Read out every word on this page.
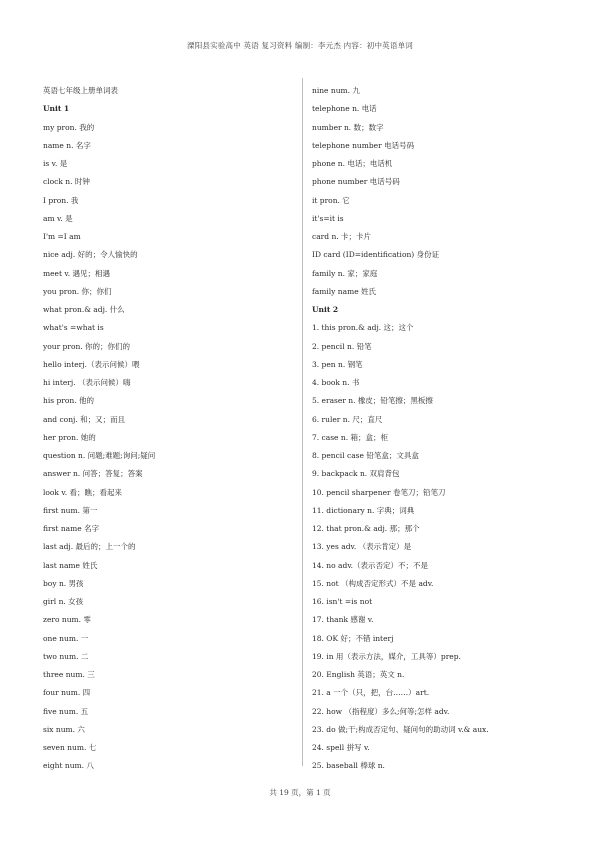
溧阳县实验高中 英语 复习资料 编制：李元杰 内容：初中英语单词
英语七年级上册单词表
Unit 1
my pron. 我的
name n. 名字
is v. 是
clock n. 时钟
I pron. 我
am v. 是
I'm =I am
nice adj. 好的；令人愉快的
meet v. 遇见；相遇
you pron. 你；你们
what pron.& adj. 什么
what's =what is
your pron. 你的；你们的
hello interj.（表示问候）喂
hi interj. （表示问候）嗨
his pron. 他的
and conj. 和；又；而且
her pron. 她的
question n. 问题;难题;询问;疑问
answer n. 问答；答复；答案
look v. 看；瞧；看起来
first num. 第一
first name 名字
last adj. 最后的；上一个的
last name 姓氏
boy n. 男孩
girl n. 女孩
zero num. 零
one num. 一
two num. 二
three num. 三
four num. 四
five num. 五
six num. 六
seven num. 七
eight num. 八
nine num. 九
telephone n. 电话
number n. 数；数字
telephone number 电话号码
phone n. 电话；电话机
phone number 电话号码
it pron. 它
it's=it is
card n. 卡；卡片
ID card (ID=identification) 身份证
family n. 家；家庭
family name 姓氏
Unit 2
1. this pron.& adj. 这；这个
2. pencil n. 铅笔
3. pen n. 钢笔
4. book n. 书
5. eraser n. 橡皮；铅笔擦；黑板擦
6. ruler n. 尺；直尺
7. case n. 箱；盒；柜
8. pencil case 铅笔盒；文具盒
9. backpack n. 双肩背包
10. pencil sharpener 卷笔刀；铅笔刀
11. dictionary n. 字典；词典
12. that pron.& adj. 那；那个
13. yes adv. （表示肯定）是
14. no adv.（表示否定）不；不是
15. not （构成否定形式）不是 adv.
16. isn't =is not
17. thank 感谢 v.
18. OK 好；不错 interj
19. in 用（表示方法，媒介，工具等）prep.
20. English 英语；英文 n.
21. a 一个（只，把，台……）art.
22. how （指程度）多么;何等;怎样 adv.
23. do 做;干;构成否定句、疑问句的助动词 v.& aux.
24. spell 拼写 v.
25. baseball 棒球 n.
共 19 页，第 1 页
